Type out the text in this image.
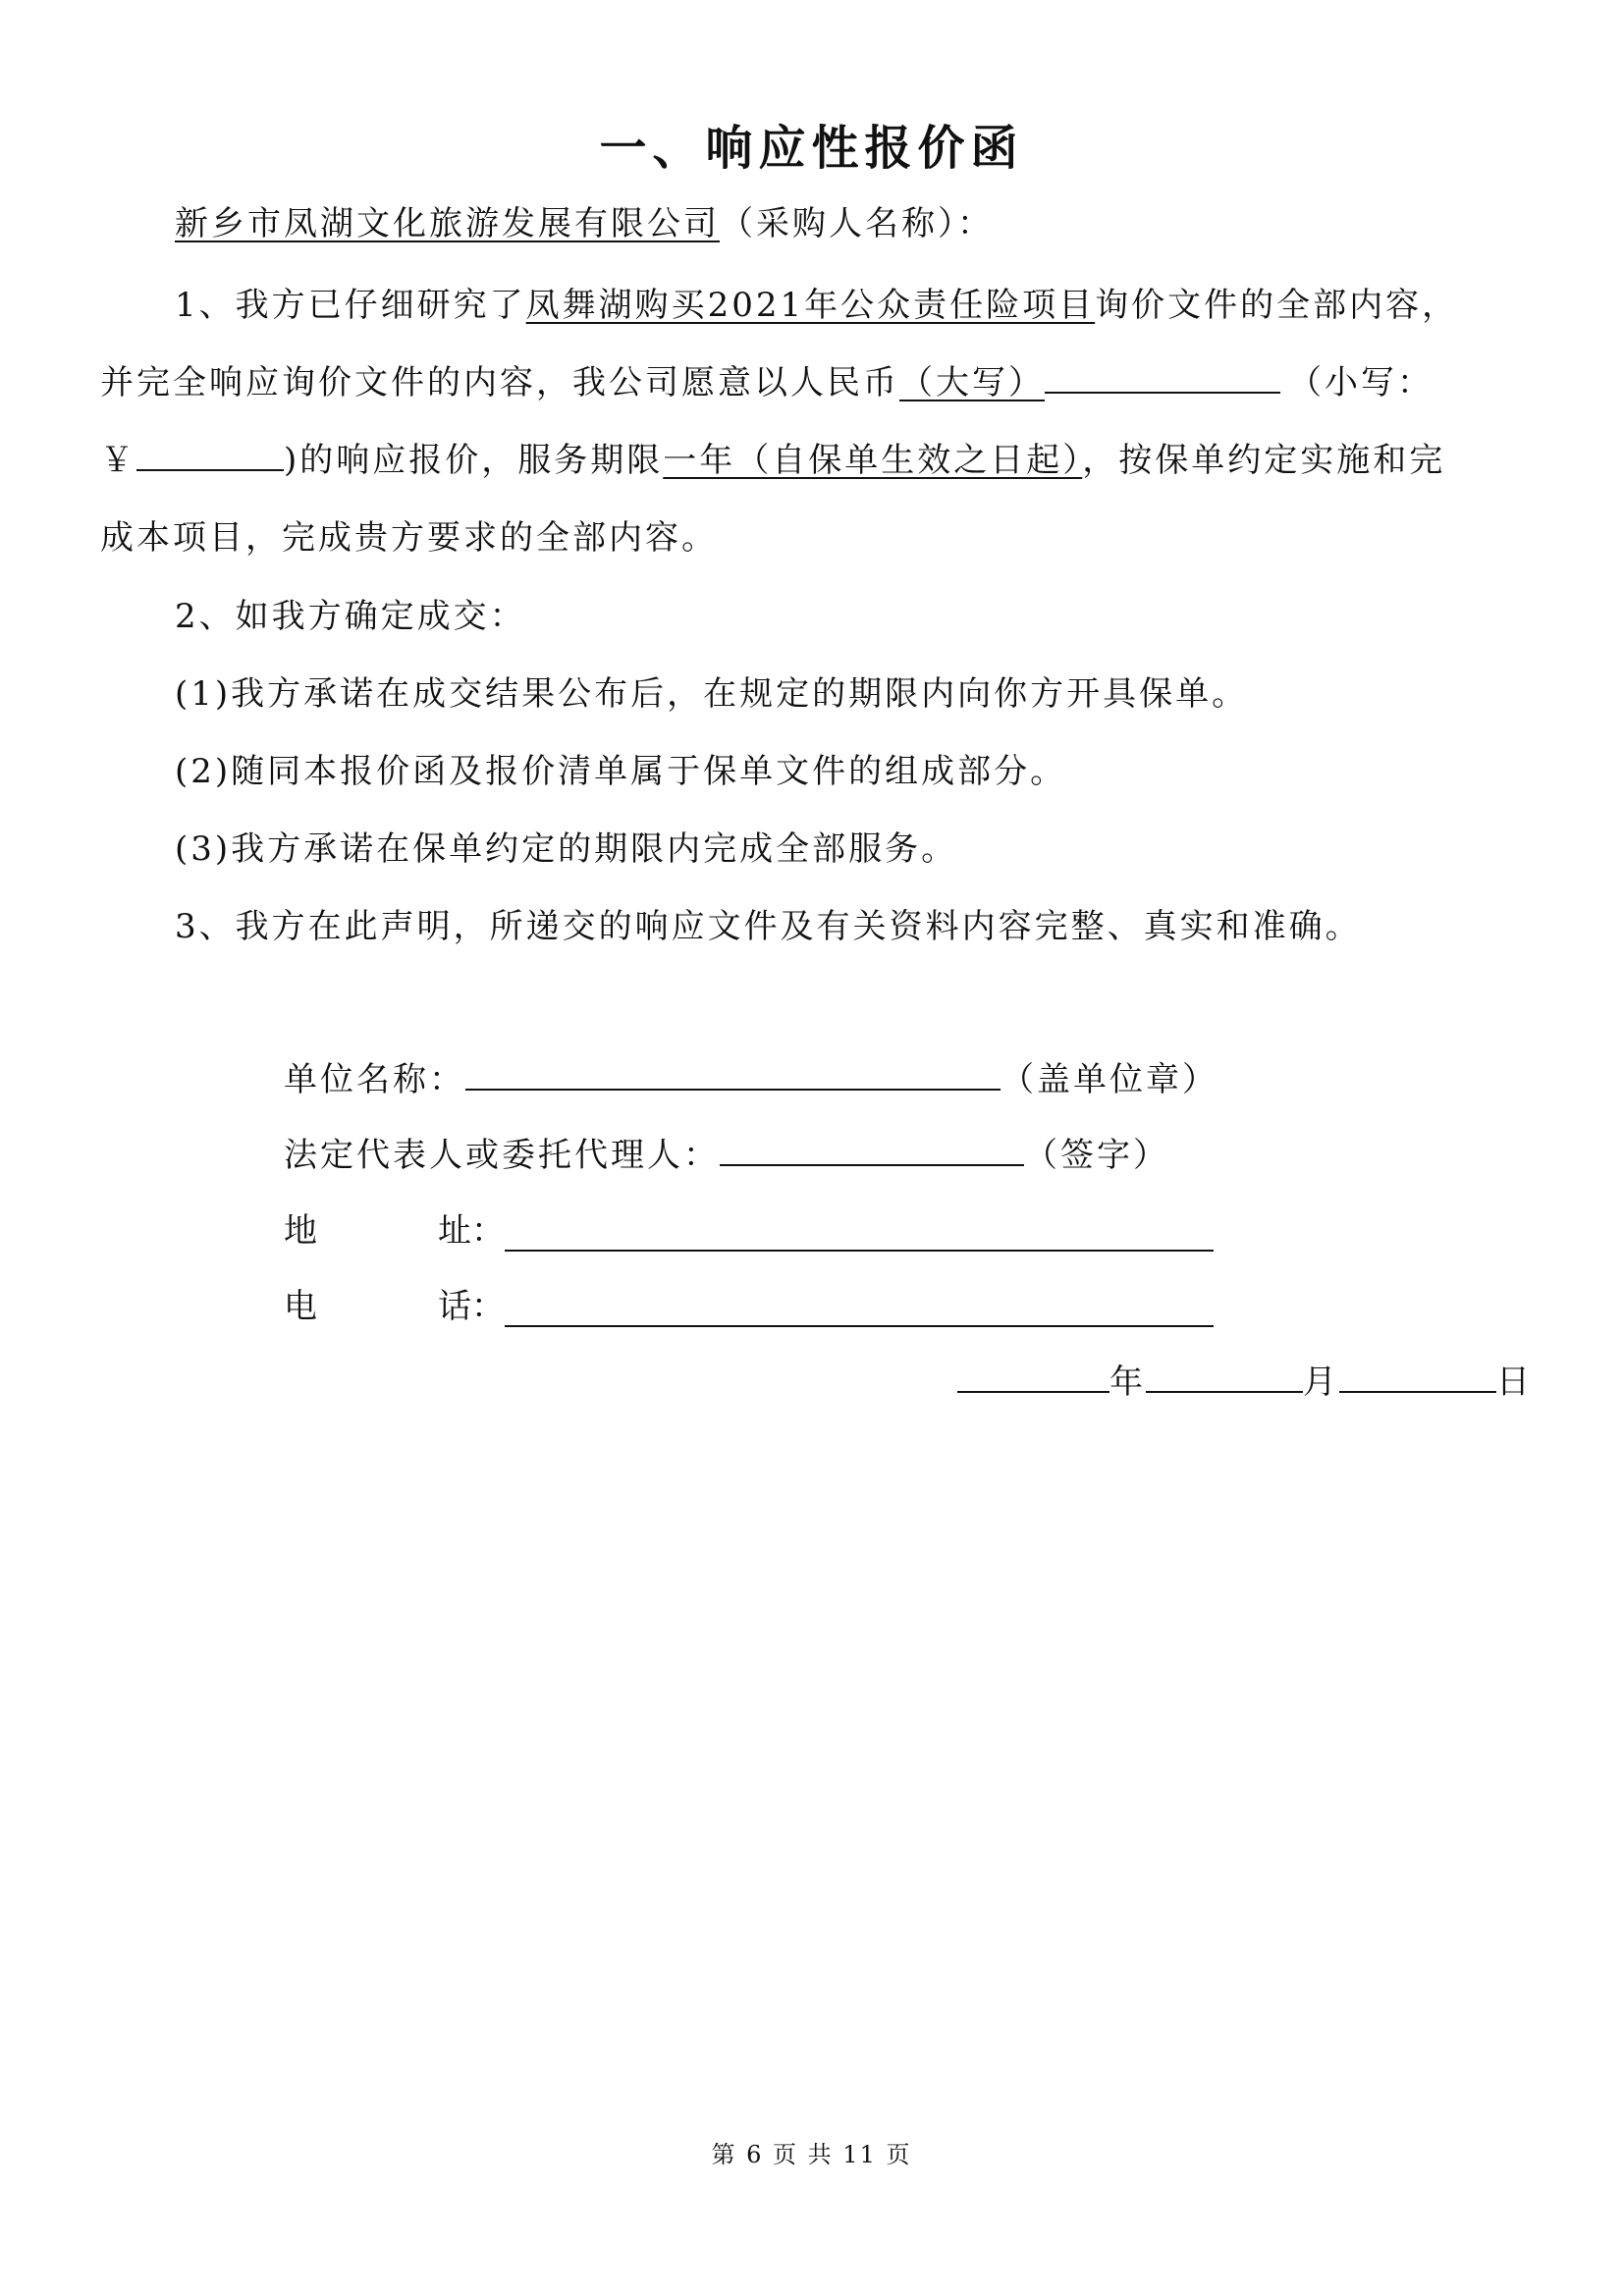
一、响应性报价函
新乡市凤湖文化旅游发展有限公司（采购人名称）：
1、我方已仔细研究了凤舞湖购买2021年公众责任险项目询价文件的全部内容，
并完全响应询价文件的内容，我公司愿意以人民币（大写）	（小写：
￥	)的响应报价，服务期限一年（自保单生效之日起），按保单约定实施和完
成本项目，完成贵方要求的全部内容。
2、如我方确定成交：
(1)我方承诺在成交结果公布后，在规定的期限内向你方开具保单。
(2)随同本报价函及报价清单属于保单文件的组成部分。
(3)我方承诺在保单约定的期限内完成全部服务。
3、我方在此声明，所递交的响应文件及有关资料内容完整、真实和准确。
单位名称：	（盖单位章）
法定代表人或委托代理人：	（签字）
地	址：
电	话：
年	月	日
第 6 页 共 11 页
